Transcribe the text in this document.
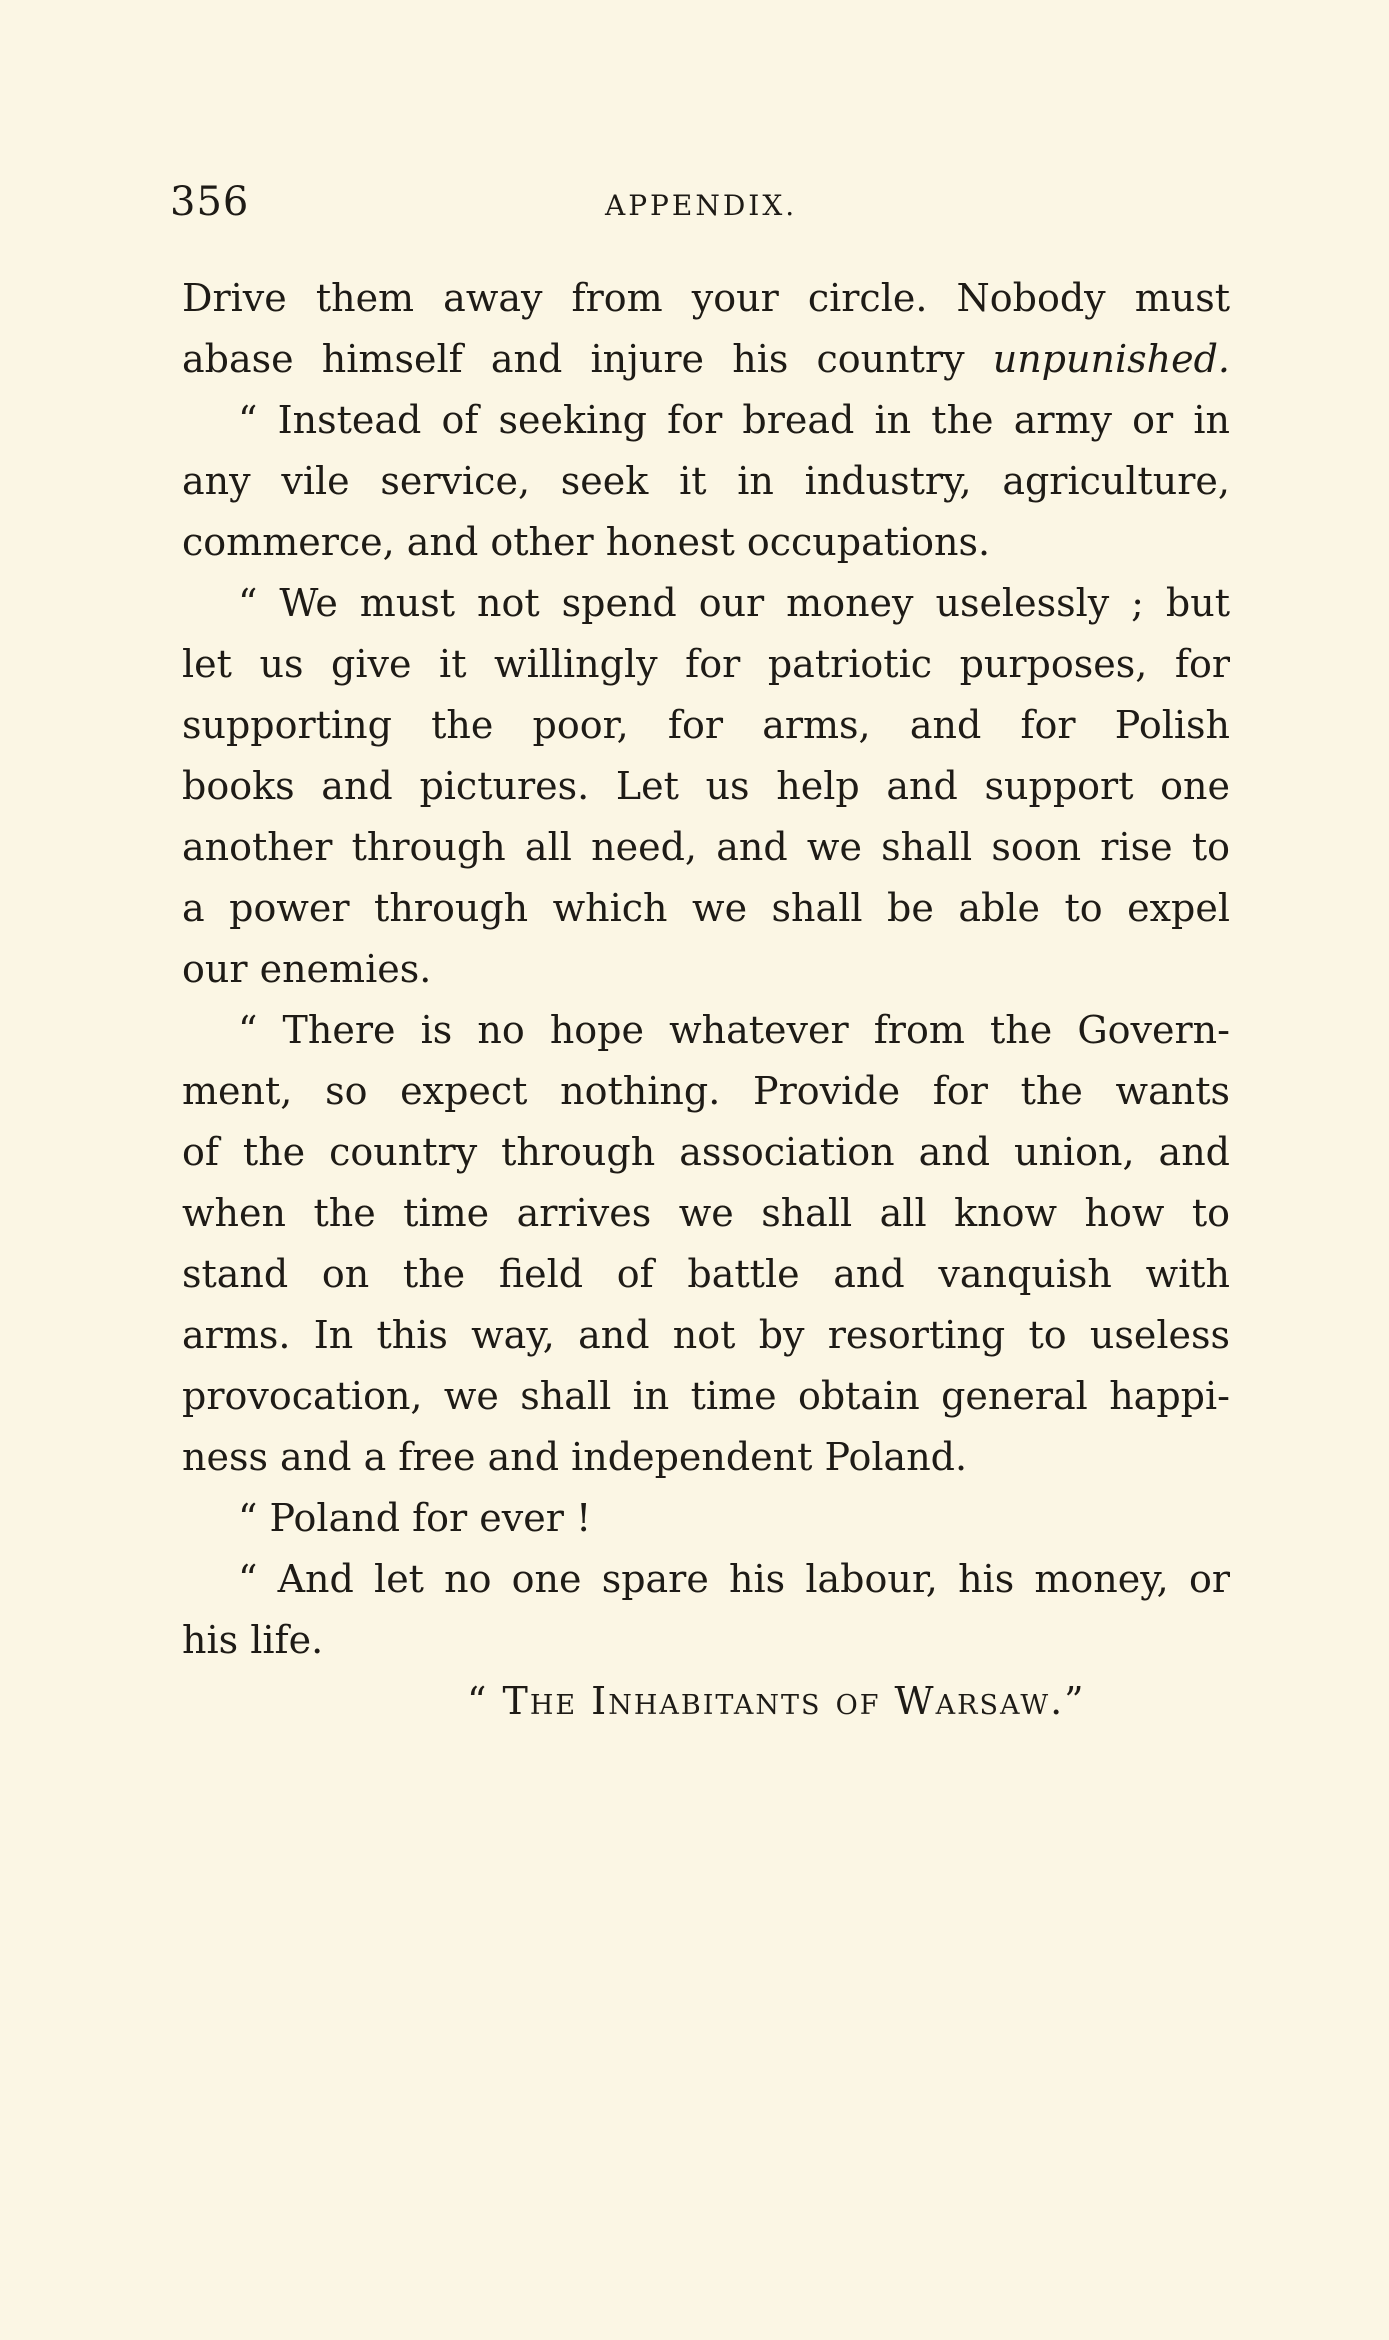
356	APPENDIX.
Drive them away from your circle. Nobody must
abase himself and injure his country unpunished.
“ Instead of seeking for bread in the army or in
any vile service, seek it in industry, agriculture,
commerce, and other honest occupations.
“ We must not spend our money uselessly ; but
let us give it willingly for patriotic purposes, for
supporting the poor, for arms, and for Polish
books and pictures. Let us help and support one
another through all need, and we shall soon rise to
a power through which we shall be able to expel
our enemies.
“ There is no hope whatever from the Govern-
ment, so expect nothing. Provide for the wants
of the country through association and union, and
when the time arrives we shall all know how to
stand on the field of battle and vanquish with
arms. In this way, and not by resorting to useless
provocation, we shall in time obtain general happi-
ness and a free and independent Poland.
“ Poland for ever !
“ And let no one spare his labour, his money, or
his life.
“ The Inhabitants of Warsaw.”
